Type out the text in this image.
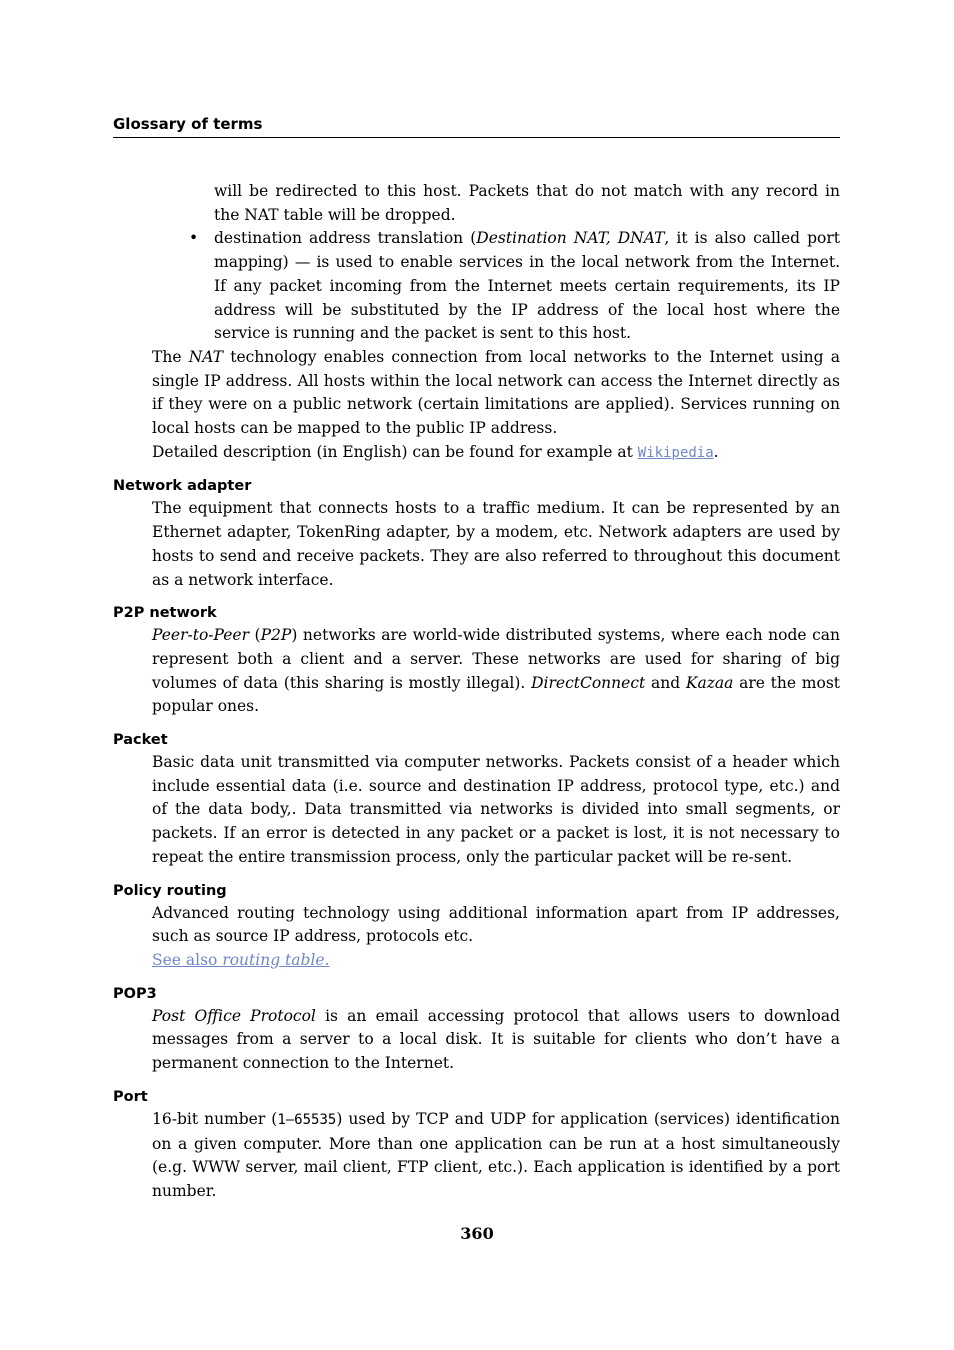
Glossary of terms

will be redirected to this host. Packets that do not match with any record in the NAT table will be dropped.

• destination address translation (Destination NAT, DNAT, it is also called port mapping) — is used to enable services in the local network from the Internet. If any packet incoming from the Internet meets certain requirements, its IP address will be substituted by the IP address of the local host where the service is running and the packet is sent to this host.

The NAT technology enables connection from local networks to the Internet using a single IP address. All hosts within the local network can access the Internet directly as if they were on a public network (certain limitations are applied). Services running on local hosts can be mapped to the public IP address.

Detailed description (in English) can be found for example at Wikipedia.

Network adapter

The equipment that connects hosts to a traffic medium. It can be represented by an Ethernet adapter, TokenRing adapter, by a modem, etc. Network adapters are used by hosts to send and receive packets. They are also referred to throughout this document as a network interface.

P2P network

Peer-to-Peer (P2P) networks are world-wide distributed systems, where each node can represent both a client and a server. These networks are used for sharing of big volumes of data (this sharing is mostly illegal). DirectConnect and Kazaa are the most popular ones.

Packet

Basic data unit transmitted via computer networks. Packets consist of a header which include essential data (i.e. source and destination IP address, protocol type, etc.) and of the data body,. Data transmitted via networks is divided into small segments, or packets. If an error is detected in any packet or a packet is lost, it is not necessary to repeat the entire transmission process, only the particular packet will be re-sent.

Policy routing

Advanced routing technology using additional information apart from IP addresses, such as source IP address, protocols etc.

See also routing table.

POP3

Post Office Protocol is an email accessing protocol that allows users to download messages from a server to a local disk. It is suitable for clients who don’t have a permanent connection to the Internet.

Port

16-bit number (1–65535) used by TCP and UDP for application (services) identification on a given computer. More than one application can be run at a host simultaneously (e.g. WWW server, mail client, FTP client, etc.). Each application is identified by a port number.

360
